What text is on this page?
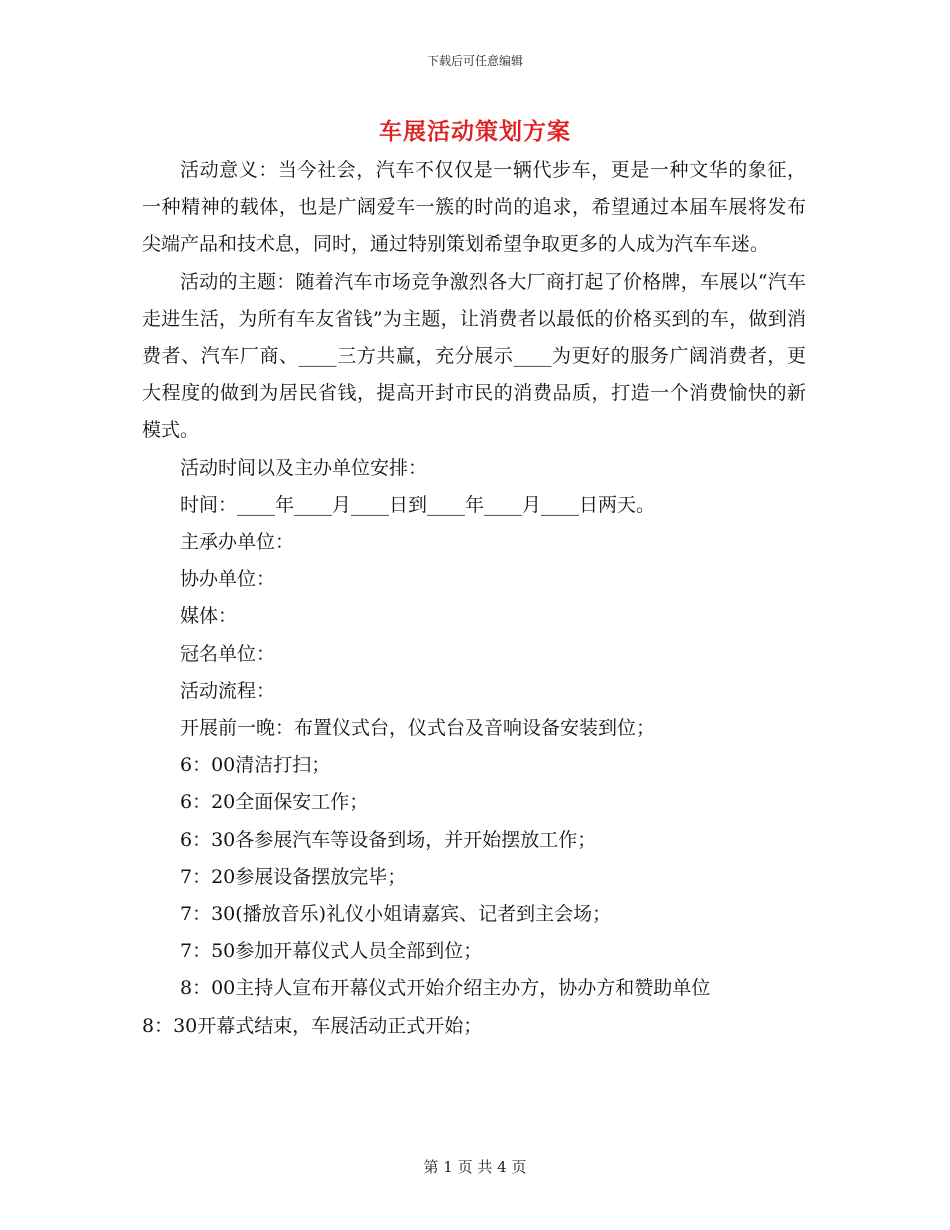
下载后可任意编辑
车展活动策划方案

活动意义：当今社会，汽车不仅仅是一辆代步车，更是一种文华的象征，一种精神的载体，也是广阔爱车一簇的时尚的追求，希望通过本届车展将发布尖端产品和技术息，同时，通过特别策划希望争取更多的人成为汽车车迷。

活动的主题：随着汽车市场竞争激烈各大厂商打起了价格牌，车展以“汽车走进生活，为所有车友省钱”为主题，让消费者以最低的价格买到的车，做到消费者、汽车厂商、____三方共赢，充分展示____为更好的服务广阔消费者，更大程度的做到为居民省钱，提高开封市民的消费品质，打造一个消费愉快的新模式。

活动时间以及主办单位安排：

时间：____年____月____日到____年____月____日两天。

主承办单位：

协办单位：

媒体：

冠名单位：

活动流程：

开展前一晚：布置仪式台，仪式台及音响设备安装到位；

6：00清洁打扫；

6：20全面保安工作；

6：30各参展汽车等设备到场，并开始摆放工作；

7：20参展设备摆放完毕；

7：30(播放音乐)礼仪小姐请嘉宾、记者到主会场；

7：50参加开幕仪式人员全部到位；

8：00主持人宣布开幕仪式开始介绍主办方，协办方和赞助单位

8：30开幕式结束，车展活动正式开始；

第 1 页 共 4 页
